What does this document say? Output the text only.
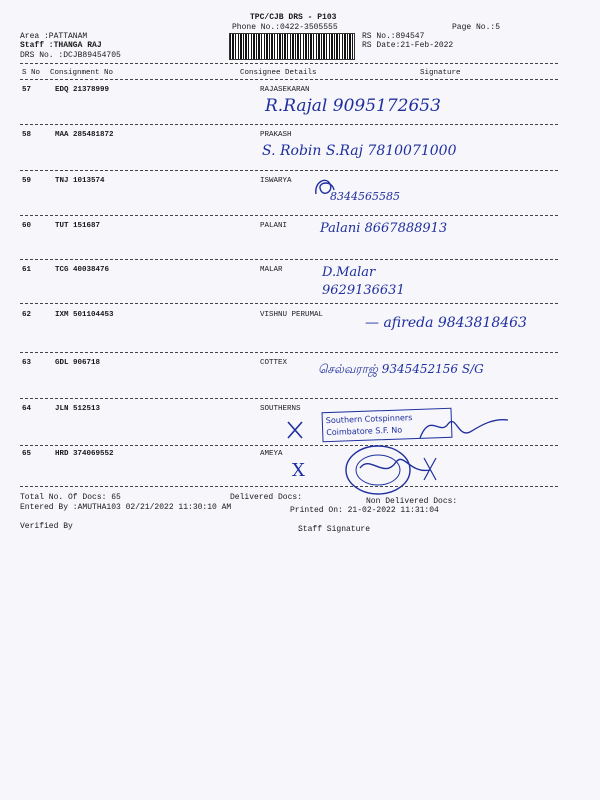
TPC/CJB DRS - P103
Phone No.:0422-3505555	Page No.:5
Area :PATTANAM
Staff :THANGA RAJ
DRS No. :DCJB89454705
RS No.:894547
RS Date:21-Feb-2022
S No Consignment No	Consignee Details	Signature
57	EDQ 21378999	RAJASEKARAN
R.Rajal 9095172653
58	MAA 285481872	PRAKASH
S. Robin S.Raj 7810071000
59	TNJ 1013574	ISWARYA
8344565585
60	TUT 151687	PALANI	Palani 8667888913
61	TCG 40038476	MALAR	D.Malar 9629136631
62	IXM 501104453	VISHNU PERUMAL	— afireda 9843818463
63	GDL 906718	COTTEX	செல்வராஜ் 9345452156 S/G
64	JLN 512513	SOUTHERNS
Southern Cotspinners Coimbatore S.F. No
65	HRD 374069552	AMEYA
X
Total No. Of Docs: 65	Delivered Docs:	Non Delivered Docs:
Entered By :AMUTHA103 02/21/2022 11:30:10 AM	Printed On: 21-02-2022 11:31:04
Verified By	Staff Signature
